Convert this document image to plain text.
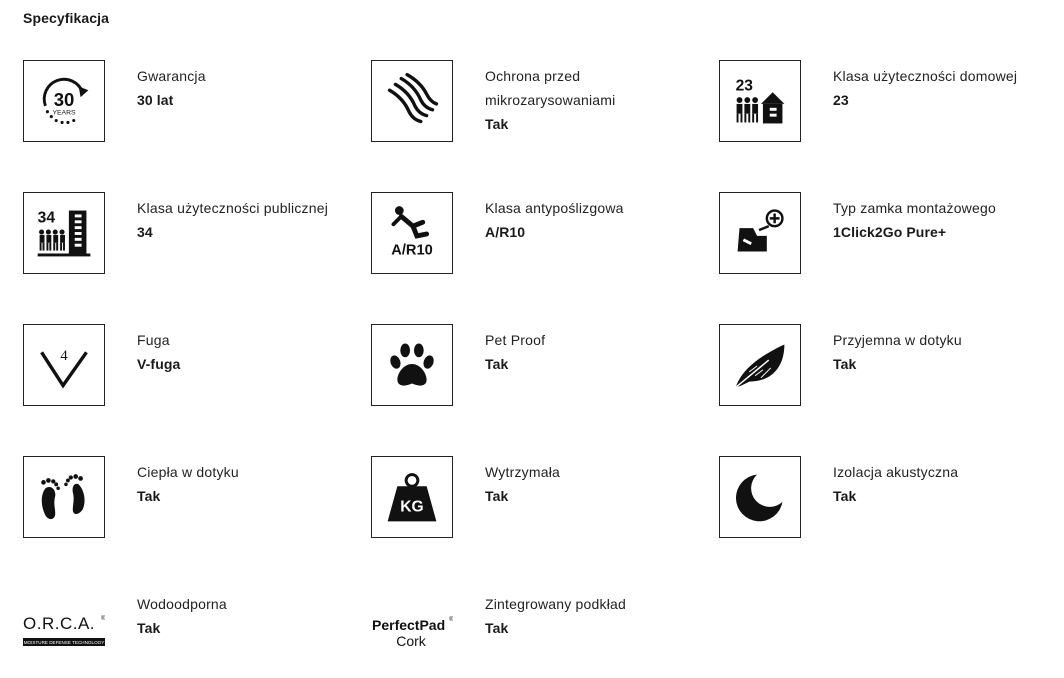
Specyfikacja
30
YEARS
Gwarancja
30 lat
Ochrona przed mikrozarysowaniami
Tak
23
Klasa użyteczności domowej
23
34
Klasa użyteczności publicznej
34
A/R10
Klasa antypoślizgowa
A/R10
Typ zamka montażowego
1Click2Go Pure+
4
Fuga
V-fuga
Pet Proof
Tak
Przyjemna w dotyku
Tak
Ciepła w dotyku
Tak
KG
Wytrzymała
Tak
Izolacja akustyczna
Tak
O.R.C.A. ®
MOISTURE DEFENSE TECHNOLOGY
Wodoodporna
Tak	PerfectPad ®
Cork
Zintegrowany podkład
Tak
